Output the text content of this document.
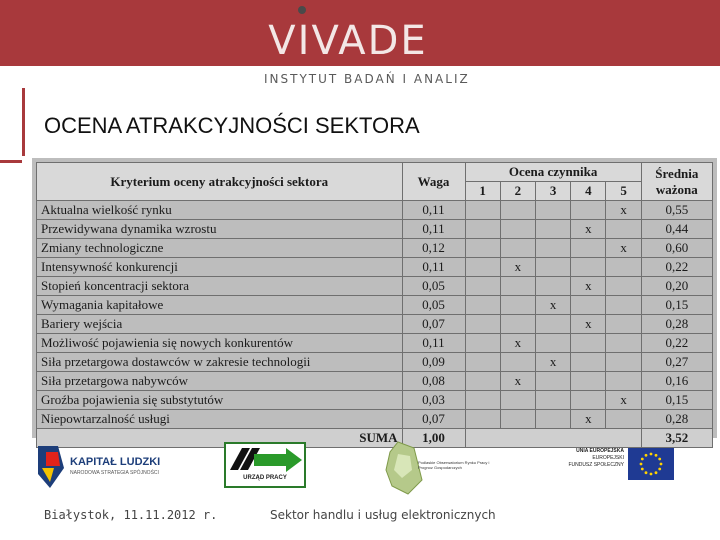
VIVADE
INSTYTUT BADAŃ I ANALIZ
OCENA ATRAKCYJNOŚCI SEKTORA
Kryterium oceny atrakcyjności sektora	Waga	Ocena czynnika					Średnia ważona
		1	2	3	4	5	
Aktualna wielkość rynku	0,11					x	0,55
Przewidywana dynamika wzrostu	0,11				x		0,44
Zmiany technologiczne	0,12					x	0,60
Intensywność konkurencji	0,11		x				0,22
Stopień koncentracji sektora	0,05				x		0,20
Wymagania kapitałowe	0,05			x			0,15
Bariery wejścia	0,07				x		0,28
Możliwość pojawienia się nowych konkurentów	0,11		x				0,22
Siła przetargowa dostawców w zakresie technologii	0,09			x			0,27
Siła przetargowa nabywców	0,08		x				0,16
Groźba pojawienia się substytutów	0,03					x	0,15
Niepowtarzalność usługi	0,07				x		0,28
SUMA	1,00						3,52
KAPITAŁ LUDZKI
NARODOWA STRATEGIA SPÓJNOŚCI
URZĄD PRACY
Podlaskie Obserwatorium Rynku Pracy i Prognoz Gospodarczych
UNIA EUROPEJSKA
EUROPEJSKI
FUNDUSZ SPOŁECZNY
Białystok, 11.11.2012 r.	Sektor handlu i usług elektronicznych
